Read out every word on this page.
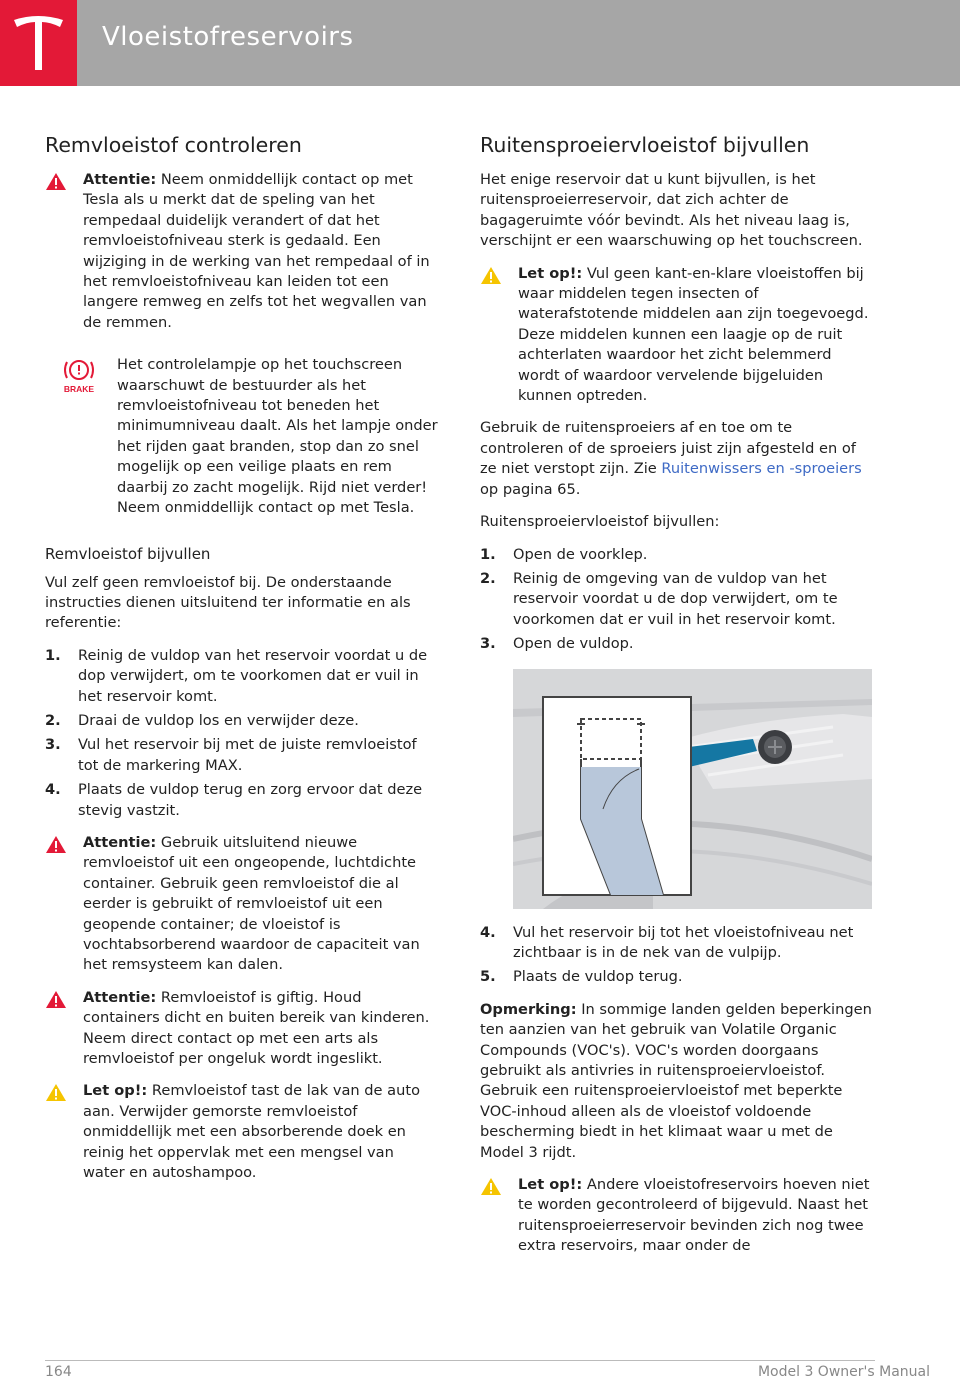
Vloeistofreservoirs
Remvloeistof controleren
Attentie: Neem onmiddellijk contact op met Tesla als u merkt dat de speling van het rempedaal duidelijk verandert of dat het remvloeistofniveau sterk is gedaald. Een wijziging in de werking van het rempedaal of in het remvloeistofniveau kan leiden tot een langere remweg en zelfs tot het wegvallen van de remmen.
BRAKE
Het controlelampje op het touchscreen waarschuwt de bestuurder als het remvloeistofniveau tot beneden het minimumniveau daalt. Als het lampje onder het rijden gaat branden, stop dan zo snel mogelijk op een veilige plaats en rem daarbij zo zacht mogelijk. Rijd niet verder! Neem onmiddellijk contact op met Tesla.
Remvloeistof bijvullen

Vul zelf geen remvloeistof bij. De onderstaande instructies dienen uitsluitend ter informatie en als referentie:

1. Reinig de vuldop van het reservoir voordat u de dop verwijdert, om te voorkomen dat er vuil in het reservoir komt.
2. Draai de vuldop los en verwijder deze.
3. Vul het reservoir bij met de juiste remvloeistof tot de markering MAX.
4. Plaats de vuldop terug en zorg ervoor dat deze stevig vastzit.
Attentie: Gebruik uitsluitend nieuwe remvloeistof uit een ongeopende, luchtdichte container. Gebruik geen remvloeistof die al eerder is gebruikt of remvloeistof uit een geopende container; de vloeistof is vochtabsorberend waardoor de capaciteit van het remsysteem kan dalen.
Attentie: Remvloeistof is giftig. Houd containers dicht en buiten bereik van kinderen. Neem direct contact op met een arts als remvloeistof per ongeluk wordt ingeslikt.
Let op!: Remvloeistof tast de lak van de auto aan. Verwijder gemorste remvloeistof onmiddellijk met een absorberende doek en reinig het oppervlak met een mengsel van water en autoshampoo.
Ruitensproeiervloeistof bijvullen

Het enige reservoir dat u kunt bijvullen, is het ruitensproeierreservoir, dat zich achter de bagageruimte vóór bevindt. Als het niveau laag is, verschijnt er een waarschuwing op het touchscreen.

Let op!: Vul geen kant-en-klare vloeistoffen bij waar middelen tegen insecten of waterafstotende middelen aan zijn toegevoegd. Deze middelen kunnen een laagje op de ruit achterlaten waardoor het zicht belemmerd wordt of waardoor vervelende bijgeluiden kunnen optreden.

Gebruik de ruitensproeiers af en toe om te controleren of de sproeiers juist zijn afgesteld en of ze niet verstopt zijn. Zie Ruitenwissers en -sproeiers op pagina 65.

Ruitensproeiervloeistof bijvullen:

1. Open de voorklep.
2. Reinig de omgeving van de vuldop van het reservoir voordat u de dop verwijdert, om te voorkomen dat er vuil in het reservoir komt.
3. Open de vuldop.
4. Vul het reservoir bij tot het vloeistofniveau net zichtbaar is in de nek van de vulpijp.
5. Plaats de vuldop terug.

Opmerking: In sommige landen gelden beperkingen ten aanzien van het gebruik van Volatile Organic Compounds (VOC's). VOC's worden doorgaans gebruikt als antivries in ruitensproeiervloeistof. Gebruik een ruitensproeiervloeistof met beperkte VOC-inhoud alleen als de vloeistof voldoende bescherming biedt in het klimaat waar u met de Model 3 rijdt.

Let op!: Andere vloeistofreservoirs hoeven niet te worden gecontroleerd of bijgevuld. Naast het ruitensproeierreservoir bevinden zich nog twee extra reservoirs, maar onder de
164	Model 3 Owner's Manual
